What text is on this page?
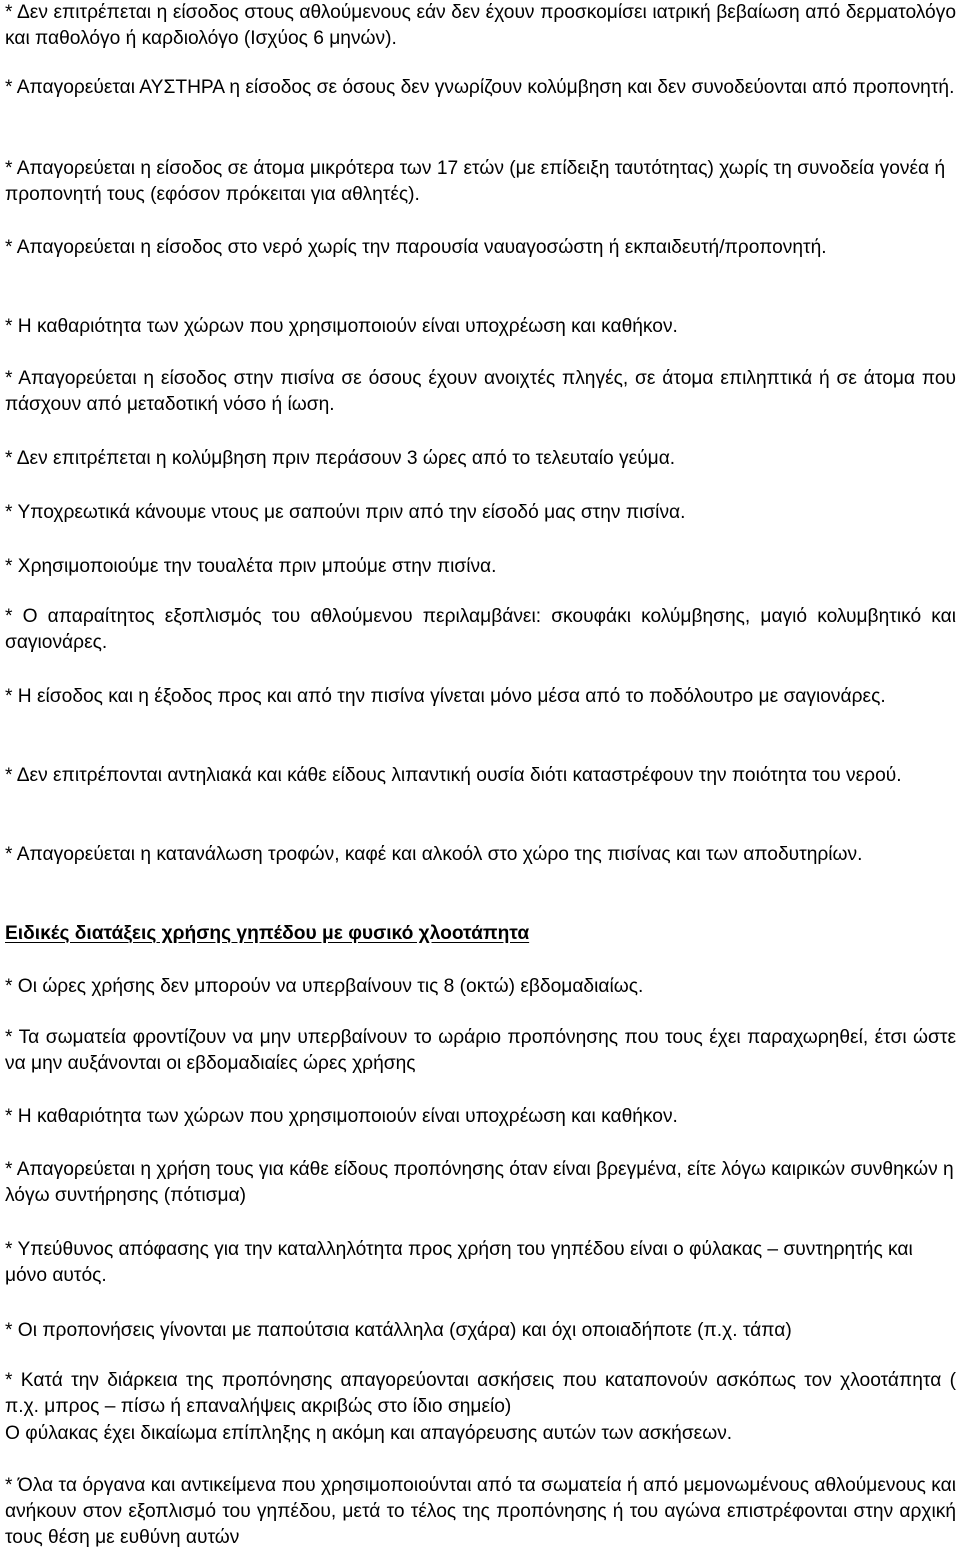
* Δεν επιτρέπεται η είσοδος στους αθλούμενους εάν δεν έχουν προσκομίσει ιατρική βεβαίωση από δερματολόγο και παθολόγο ή καρδιολόγο (Ισχύος 6 μηνών).

* Απαγορεύεται ΑΥΣΤΗΡΑ η είσοδος σε όσους δεν γνωρίζουν κολύμβηση και δεν συνοδεύονται από προπονητή.

* Απαγορεύεται η είσοδος σε άτομα μικρότερα των 17 ετών (με επίδειξη ταυτότητας) χωρίς τη συνοδεία γονέα ή προπονητή τους (εφόσον πρόκειται για αθλητές).

* Απαγορεύεται η είσοδος στο νερό χωρίς την παρουσία ναυαγοσώστη ή εκπαιδευτή/προπονητή.

* Η καθαριότητα των χώρων που χρησιμοποιούν είναι υποχρέωση και καθήκον.

* Απαγορεύεται η είσοδος στην πισίνα σε όσους έχουν ανοιχτές πληγές, σε άτομα επιληπτικά ή σε άτομα που πάσχουν από μεταδοτική νόσο ή ίωση.

* Δεν επιτρέπεται η κολύμβηση πριν περάσουν 3 ώρες από το τελευταίο γεύμα.

* Υποχρεωτικά κάνουμε ντους με σαπούνι πριν από την είσοδό μας στην πισίνα.

* Χρησιμοποιούμε την τουαλέτα πριν μπούμε στην πισίνα.

* Ο απαραίτητος εξοπλισμός του αθλούμενου περιλαμβάνει: σκουφάκι κολύμβησης, μαγιό κολυμβητικό και σαγιονάρες.

* Η είσοδος και η έξοδος προς και από την πισίνα γίνεται μόνο μέσα από το ποδόλουτρο με σαγιονάρες.

* Δεν επιτρέπονται αντηλιακά και κάθε είδους λιπαντική ουσία διότι καταστρέφουν την ποιότητα του νερού.

* Απαγορεύεται η κατανάλωση τροφών, καφέ και αλκοόλ στο χώρο της πισίνας και των αποδυτηρίων.

Ειδικές διατάξεις χρήσης γηπέδου με φυσικό χλοοτάπητα

* Οι ώρες χρήσης δεν μπορούν να υπερβαίνουν τις 8 (οκτώ) εβδομαδιαίως.

* Τα σωματεία φροντίζουν να μην υπερβαίνουν το ωράριο προπόνησης που τους έχει παραχωρηθεί, έτσι ώστε να μην αυξάνονται οι εβδομαδιαίες ώρες χρήσης

* Η καθαριότητα των χώρων που χρησιμοποιούν είναι υποχρέωση και καθήκον.

* Απαγορεύεται η χρήση τους για κάθε είδους προπόνησης όταν είναι βρεγμένα, είτε λόγω καιρικών συνθηκών η λόγω συντήρησης (πότισμα)

* Υπεύθυνος απόφασης για την καταλληλότητα προς χρήση του γηπέδου είναι ο φύλακας – συντηρητής και μόνο αυτός.

* Οι προπονήσεις γίνονται με παπούτσια κατάλληλα (σχάρα) και όχι οποιαδήποτε (π.χ. τάπα)

* Κατά την διάρκεια της προπόνησης απαγορεύονται ασκήσεις που καταπονούν ασκόπως τον χλοοτάπητα ( π.χ. μπρος – πίσω ή επαναλήψεις ακριβώς στο ίδιο σημείο)

Ο φύλακας έχει δικαίωμα επίπληξης η ακόμη και απαγόρευσης αυτών των ασκήσεων.

* Όλα τα όργανα και αντικείμενα που χρησιμοποιούνται από τα σωματεία ή από μεμονωμένους αθλούμενους και ανήκουν στον εξοπλισμό του γηπέδου, μετά το τέλος της προπόνησης ή του αγώνα επιστρέφονται στην αρχική τους θέση με ευθύνη αυτών
